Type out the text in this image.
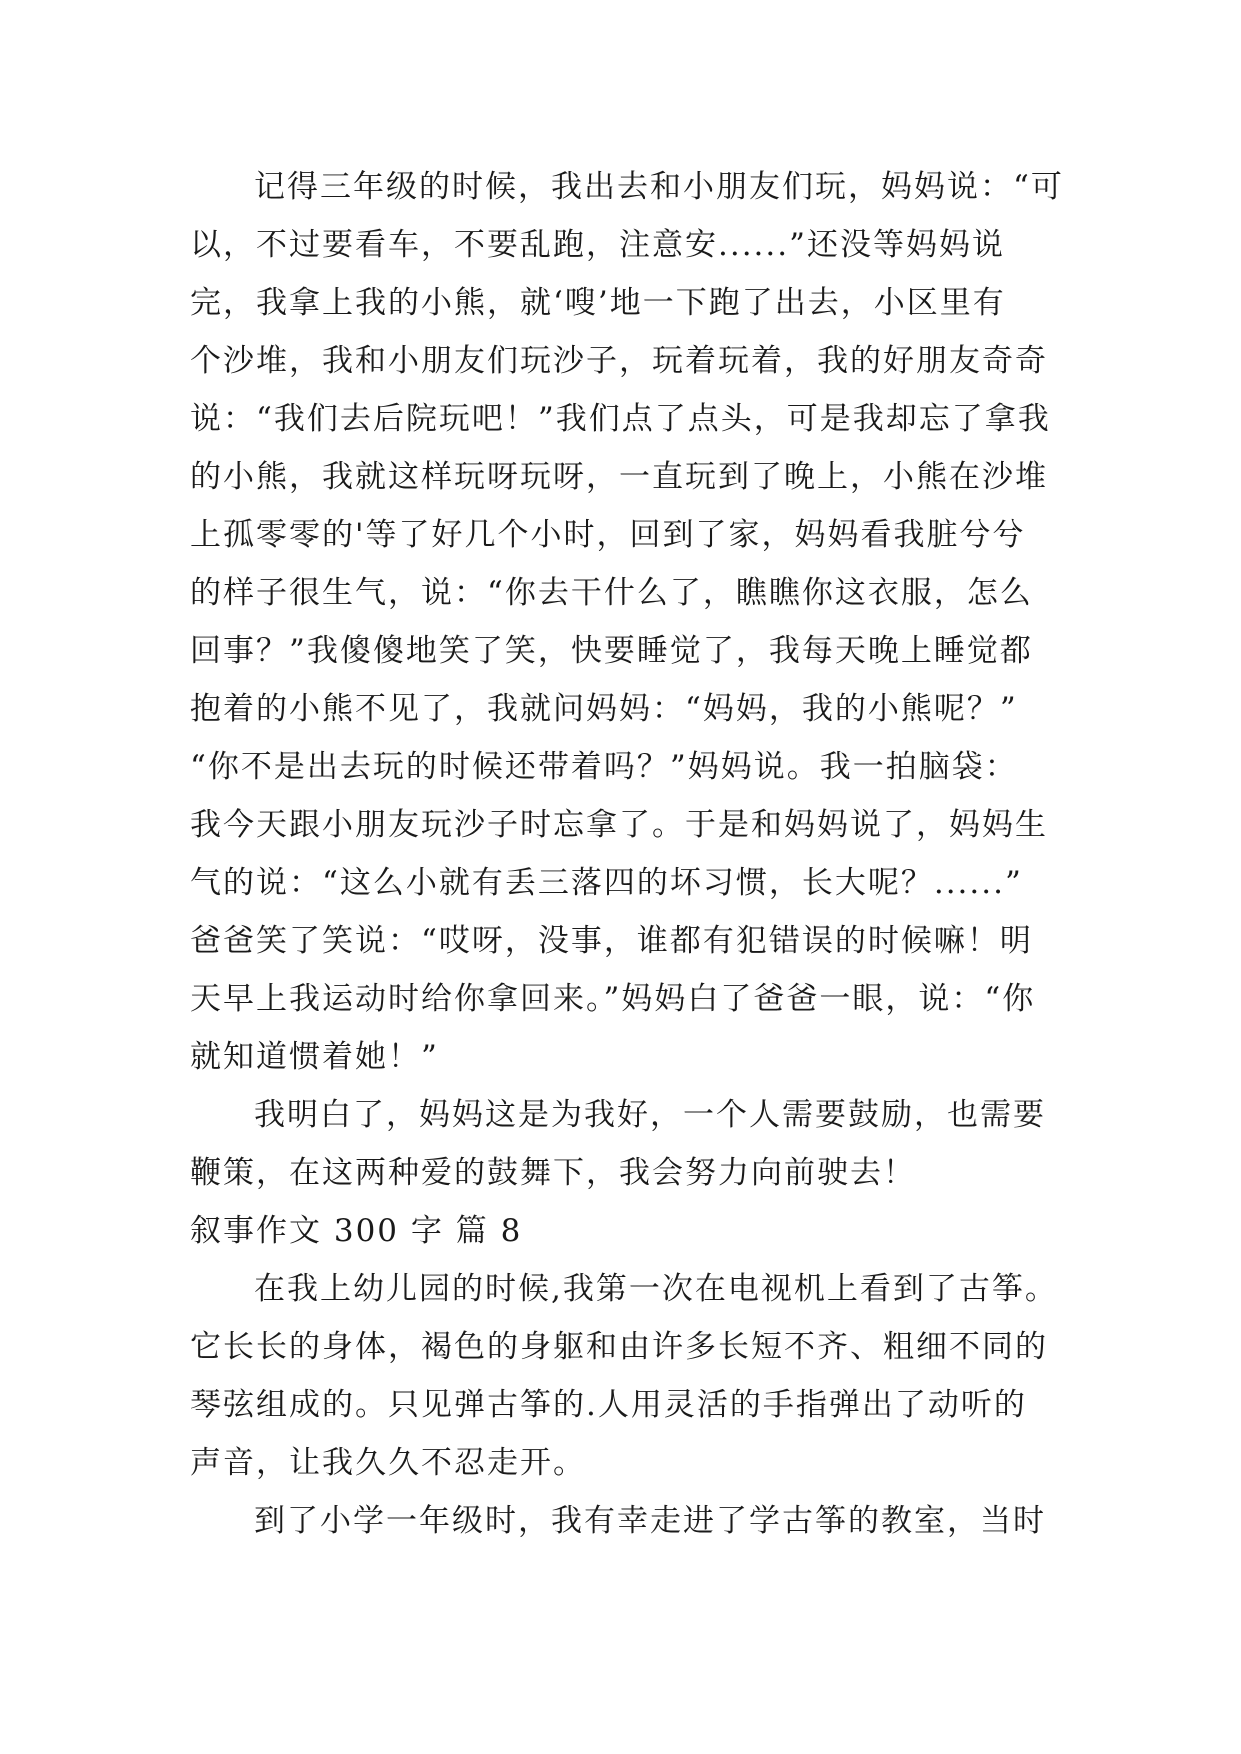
记得三年级的时候，我出去和小朋友们玩，妈妈说：“可
以，不过要看车，不要乱跑，注意安......”还没等妈妈说
完，我拿上我的小熊，就‘嗖’地一下跑了出去，小区里有
个沙堆，我和小朋友们玩沙子，玩着玩着，我的好朋友奇奇
说：“我们去后院玩吧！”我们点了点头，可是我却忘了拿我
的小熊，我就这样玩呀玩呀，一直玩到了晚上，小熊在沙堆
上孤零零的'等了好几个小时，回到了家，妈妈看我脏兮兮
的样子很生气，说：“你去干什么了，瞧瞧你这衣服，怎么
回事？”我傻傻地笑了笑，快要睡觉了，我每天晚上睡觉都
抱着的小熊不见了，我就问妈妈：“妈妈，我的小熊呢？”
“你不是出去玩的时候还带着吗？”妈妈说。我一拍脑袋：
我今天跟小朋友玩沙子时忘拿了。于是和妈妈说了，妈妈生
气的说：“这么小就有丢三落四的坏习惯，长大呢？......”
爸爸笑了笑说：“哎呀，没事，谁都有犯错误的时候嘛！明
天早上我运动时给你拿回来。”妈妈白了爸爸一眼，说：“你
就知道惯着她！”
我明白了，妈妈这是为我好，一个人需要鼓励，也需要
鞭策，在这两种爱的鼓舞下，我会努力向前驶去！
叙事作文 300 字 篇 8
在我上幼儿园的时候,我第一次在电视机上看到了古筝。
它长长的身体，褐色的身躯和由许多长短不齐、粗细不同的
琴弦组成的。只见弹古筝的.人用灵活的手指弹出了动听的
声音，让我久久不忍走开。
到了小学一年级时，我有幸走进了学古筝的教室，当时
